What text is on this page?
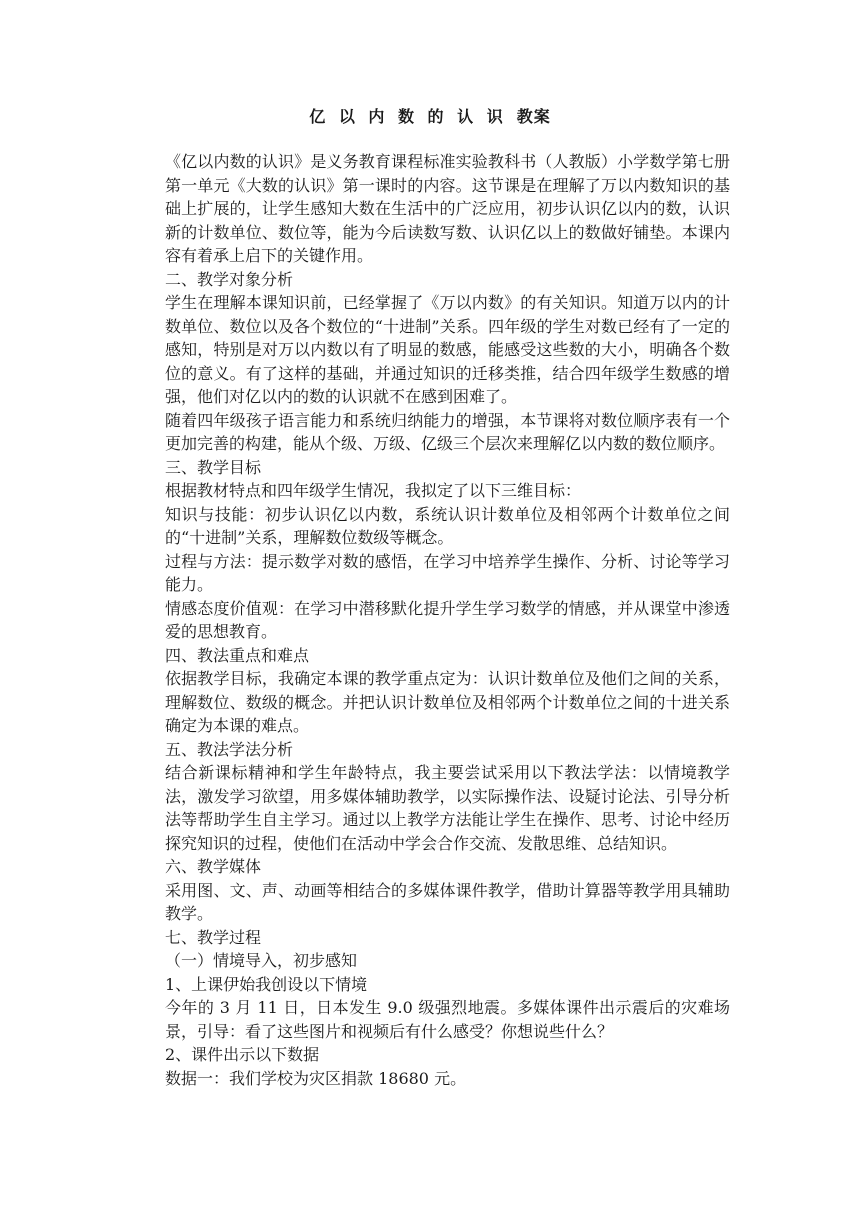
亿 以 内 数 的 认 识 教案

《亿以内数的认识》是义务教育课程标准实验教科书（人教版）小学数学第七册第一单元《大数的认识》第一课时的内容。这节课是在理解了万以内数知识的基础上扩展的，让学生感知大数在生活中的广泛应用，初步认识亿以内的数，认识新的计数单位、数位等，能为今后读数写数、认识亿以上的数做好铺垫。本课内容有着承上启下的关键作用。

二、教学对象分析

学生在理解本课知识前，已经掌握了《万以内数》的有关知识。知道万以内的计数单位、数位以及各个数位的“十进制”关系。四年级的学生对数已经有了一定的感知，特别是对万以内数以有了明显的数感，能感受这些数的大小，明确各个数位的意义。有了这样的基础，并通过知识的迁移类推，结合四年级学生数感的增强，他们对亿以内的数的认识就不在感到困难了。

随着四年级孩子语言能力和系统归纳能力的增强，本节课将对数位顺序表有一个更加完善的构建，能从个级、万级、亿级三个层次来理解亿以内数的数位顺序。

三、教学目标

根据教材特点和四年级学生情况，我拟定了以下三维目标：

知识与技能：初步认识亿以内数，系统认识计数单位及相邻两个计数单位之间的“十进制”关系，理解数位数级等概念。

过程与方法：提示数学对数的感悟，在学习中培养学生操作、分析、讨论等学习能力。

情感态度价值观：在学习中潜移默化提升学生学习数学的情感，并从课堂中渗透爱的思想教育。

四、教法重点和难点

依据教学目标，我确定本课的教学重点定为：认识计数单位及他们之间的关系，理解数位、数级的概念。并把认识计数单位及相邻两个计数单位之间的十进关系确定为本课的难点。

五、教法学法分析

结合新课标精神和学生年龄特点，我主要尝试采用以下教法学法：以情境教学法，激发学习欲望，用多媒体辅助教学，以实际操作法、设疑讨论法、引导分析法等帮助学生自主学习。通过以上教学方法能让学生在操作、思考、讨论中经历探究知识的过程，使他们在活动中学会合作交流、发散思维、总结知识。

六、教学媒体

采用图、文、声、动画等相结合的多媒体课件教学，借助计算器等教学用具辅助教学。

七、教学过程

（一）情境导入，初步感知

1、上课伊始我创设以下情境

今年的 3 月 11 日，日本发生 9.0 级强烈地震。多媒体课件出示震后的灾难场景，引导：看了这些图片和视频后有什么感受？你想说些什么？

2、课件出示以下数据

数据一：我们学校为灾区捐款 18680 元。
